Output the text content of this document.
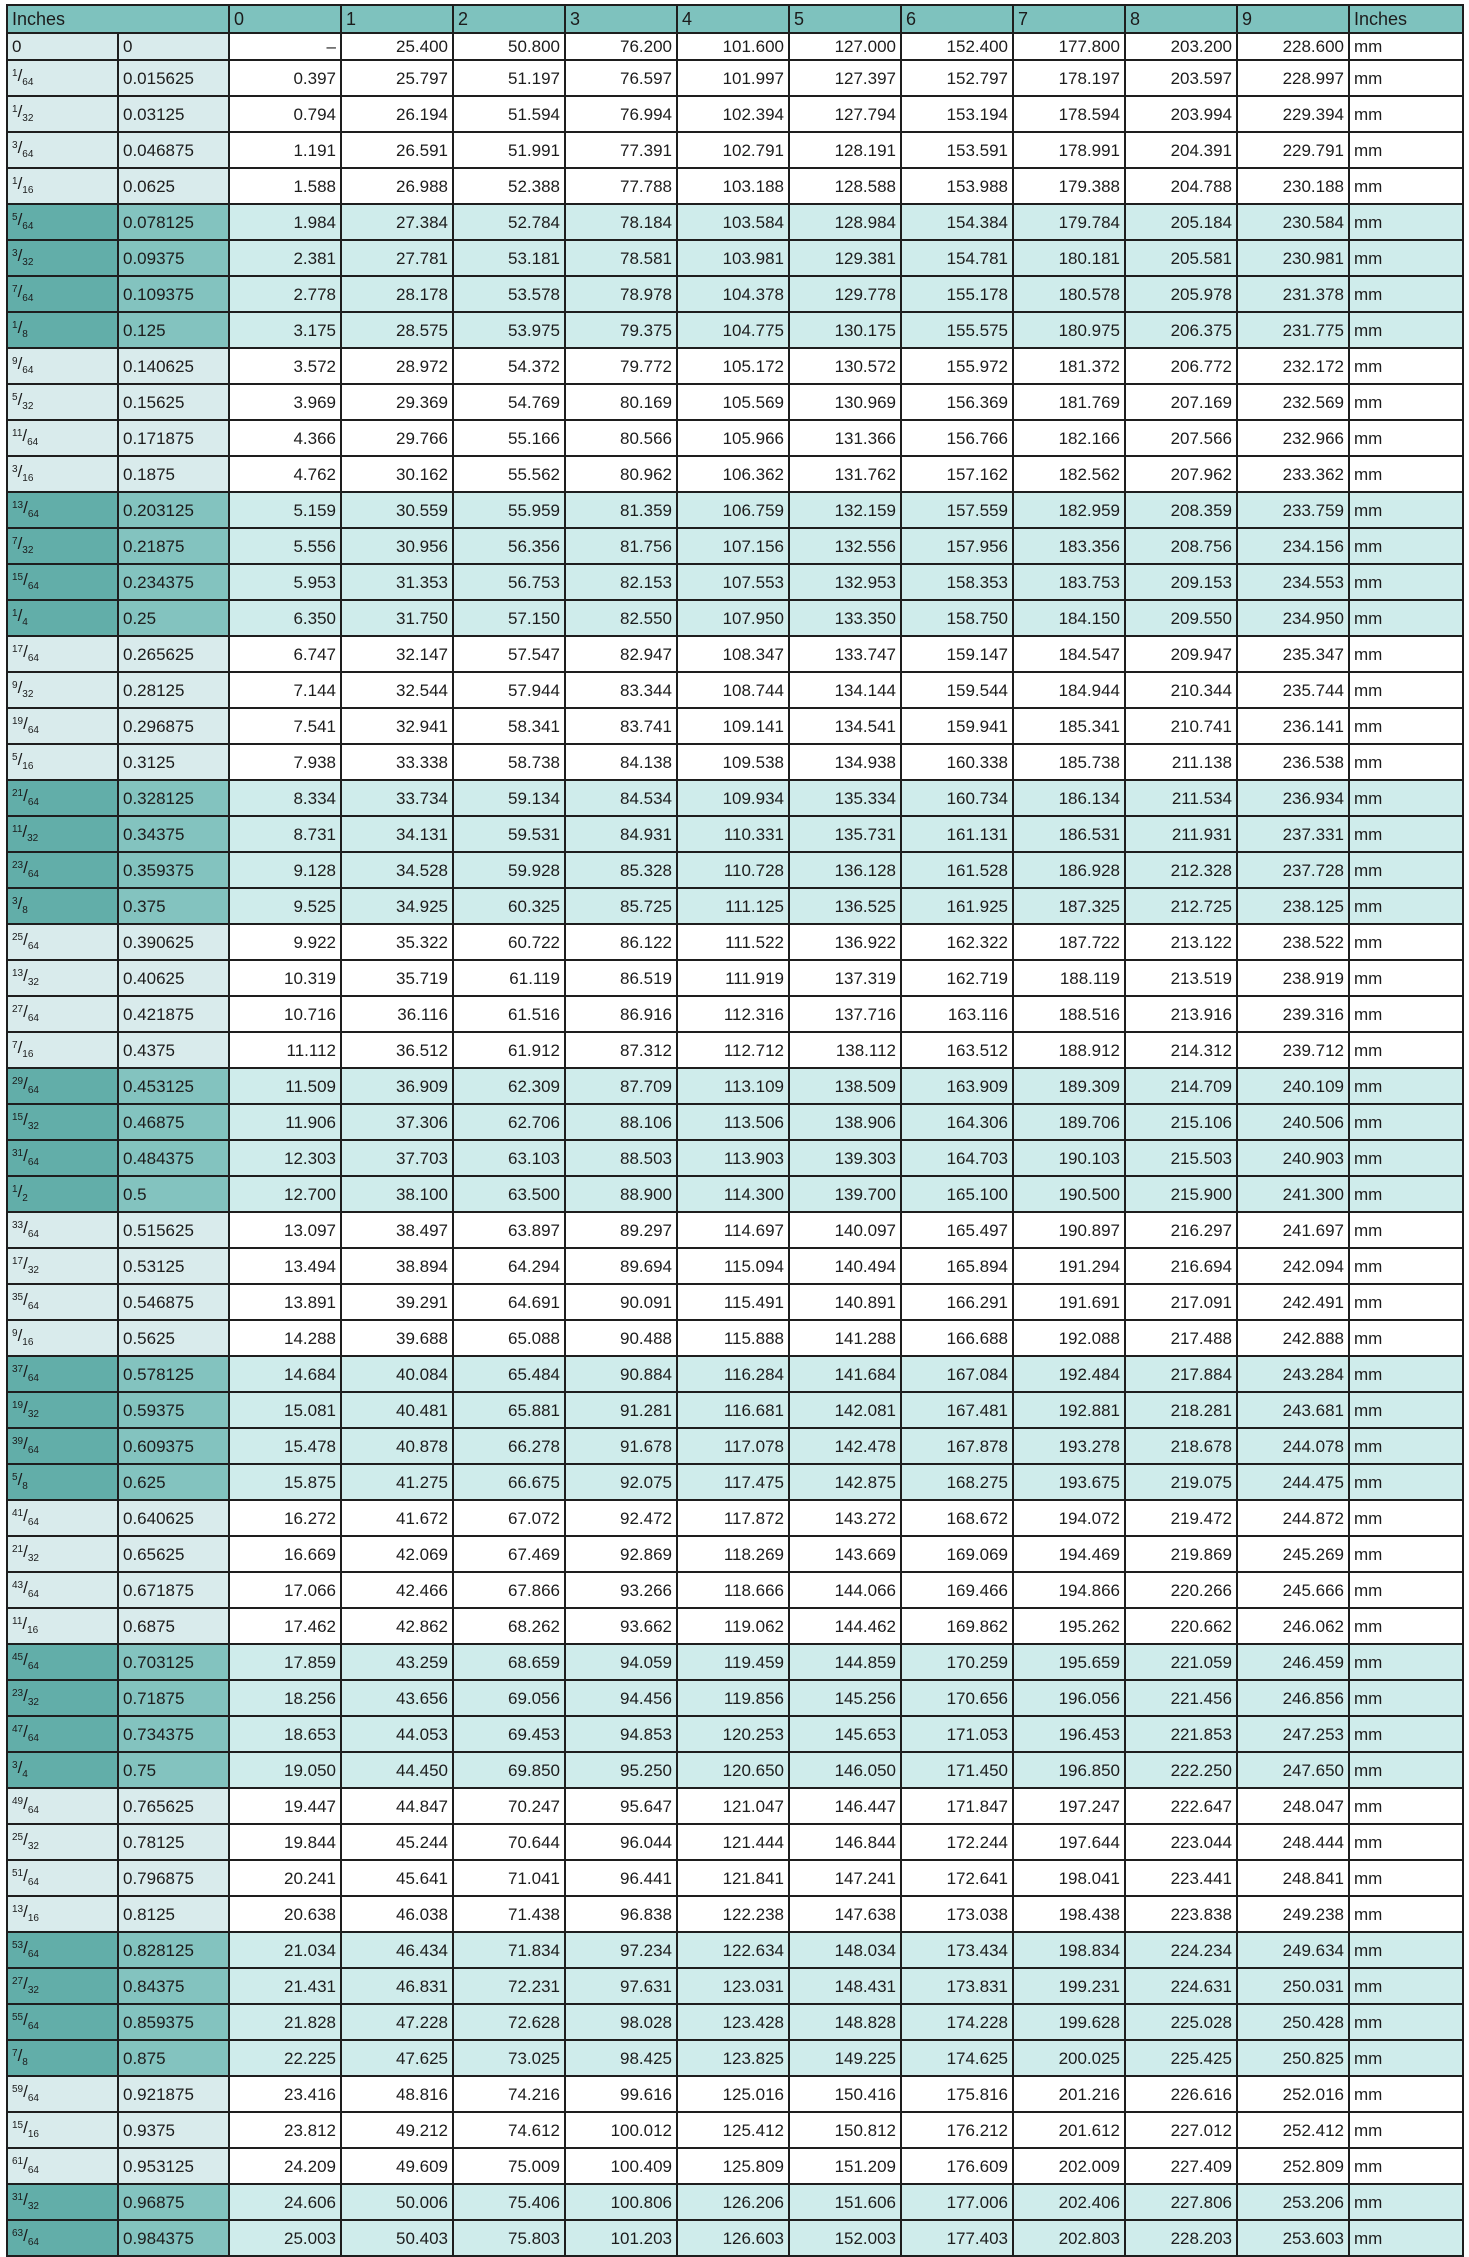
Inches		0	1	2	3	4	5	6	7	8	9	Inches
0	0	–	25.400	50.800	76.200	101.600	127.000	152.400	177.800	203.200	228.600	mm
$^1/_{64}$	0.015625	0.397	25.797	51.197	76.597	101.997	127.397	152.797	178.197	203.597	228.997	mm
$^1/_{32}$	0.03125	0.794	26.194	51.594	76.994	102.394	127.794	153.194	178.594	203.994	229.394	mm
$^3/_{64}$	0.046875	1.191	26.591	51.991	77.391	102.791	128.191	153.591	178.991	204.391	229.791	mm
$^1/_{16}$	0.0625	1.588	26.988	52.388	77.788	103.188	128.588	153.988	179.388	204.788	230.188	mm
$^5/_{64}$	0.078125	1.984	27.384	52.784	78.184	103.584	128.984	154.384	179.784	205.184	230.584	mm
$^3/_{32}$	0.09375	2.381	27.781	53.181	78.581	103.981	129.381	154.781	180.181	205.581	230.981	mm
$^7/_{64}$	0.109375	2.778	28.178	53.578	78.978	104.378	129.778	155.178	180.578	205.978	231.378	mm
$^1/_8$	0.125	3.175	28.575	53.975	79.375	104.775	130.175	155.575	180.975	206.375	231.775	mm
$^9/_{64}$	0.140625	3.572	28.972	54.372	79.772	105.172	130.572	155.972	181.372	206.772	232.172	mm
$^5/_{32}$	0.15625	3.969	29.369	54.769	80.169	105.569	130.969	156.369	181.769	207.169	232.569	mm
$^{11}/_{64}$	0.171875	4.366	29.766	55.166	80.566	105.966	131.366	156.766	182.166	207.566	232.966	mm
$^3/_{16}$	0.1875	4.762	30.162	55.562	80.962	106.362	131.762	157.162	182.562	207.962	233.362	mm
$^{13}/_{64}$	0.203125	5.159	30.559	55.959	81.359	106.759	132.159	157.559	182.959	208.359	233.759	mm
$^7/_{32}$	0.21875	5.556	30.956	56.356	81.756	107.156	132.556	157.956	183.356	208.756	234.156	mm
$^{15}/_{64}$	0.234375	5.953	31.353	56.753	82.153	107.553	132.953	158.353	183.753	209.153	234.553	mm
$^1/_4$	0.25	6.350	31.750	57.150	82.550	107.950	133.350	158.750	184.150	209.550	234.950	mm
$^{17}/_{64}$	0.265625	6.747	32.147	57.547	82.947	108.347	133.747	159.147	184.547	209.947	235.347	mm
$^9/_{32}$	0.28125	7.144	32.544	57.944	83.344	108.744	134.144	159.544	184.944	210.344	235.744	mm
$^{19}/_{64}$	0.296875	7.541	32.941	58.341	83.741	109.141	134.541	159.941	185.341	210.741	236.141	mm
$^5/_{16}$	0.3125	7.938	33.338	58.738	84.138	109.538	134.938	160.338	185.738	211.138	236.538	mm
$^{21}/_{64}$	0.328125	8.334	33.734	59.134	84.534	109.934	135.334	160.734	186.134	211.534	236.934	mm
$^{11}/_{32}$	0.34375	8.731	34.131	59.531	84.931	110.331	135.731	161.131	186.531	211.931	237.331	mm
$^{23}/_{64}$	0.359375	9.128	34.528	59.928	85.328	110.728	136.128	161.528	186.928	212.328	237.728	mm
$^3/_8$	0.375	9.525	34.925	60.325	85.725	111.125	136.525	161.925	187.325	212.725	238.125	mm
$^{25}/_{64}$	0.390625	9.922	35.322	60.722	86.122	111.522	136.922	162.322	187.722	213.122	238.522	mm
$^{13}/_{32}$	0.40625	10.319	35.719	61.119	86.519	111.919	137.319	162.719	188.119	213.519	238.919	mm
$^{27}/_{64}$	0.421875	10.716	36.116	61.516	86.916	112.316	137.716	163.116	188.516	213.916	239.316	mm
$^7/_{16}$	0.4375	11.112	36.512	61.912	87.312	112.712	138.112	163.512	188.912	214.312	239.712	mm
$^{29}/_{64}$	0.453125	11.509	36.909	62.309	87.709	113.109	138.509	163.909	189.309	214.709	240.109	mm
$^{15}/_{32}$	0.46875	11.906	37.306	62.706	88.106	113.506	138.906	164.306	189.706	215.106	240.506	mm
$^{31}/_{64}$	0.484375	12.303	37.703	63.103	88.503	113.903	139.303	164.703	190.103	215.503	240.903	mm
$^1/_2$	0.5	12.700	38.100	63.500	88.900	114.300	139.700	165.100	190.500	215.900	241.300	mm
$^{33}/_{64}$	0.515625	13.097	38.497	63.897	89.297	114.697	140.097	165.497	190.897	216.297	241.697	mm
$^{17}/_{32}$	0.53125	13.494	38.894	64.294	89.694	115.094	140.494	165.894	191.294	216.694	242.094	mm
$^{35}/_{64}$	0.546875	13.891	39.291	64.691	90.091	115.491	140.891	166.291	191.691	217.091	242.491	mm
$^9/_{16}$	0.5625	14.288	39.688	65.088	90.488	115.888	141.288	166.688	192.088	217.488	242.888	mm
$^{37}/_{64}$	0.578125	14.684	40.084	65.484	90.884	116.284	141.684	167.084	192.484	217.884	243.284	mm
$^{19}/_{32}$	0.59375	15.081	40.481	65.881	91.281	116.681	142.081	167.481	192.881	218.281	243.681	mm
$^{39}/_{64}$	0.609375	15.478	40.878	66.278	91.678	117.078	142.478	167.878	193.278	218.678	244.078	mm
$^5/_8$	0.625	15.875	41.275	66.675	92.075	117.475	142.875	168.275	193.675	219.075	244.475	mm
$^{41}/_{64}$	0.640625	16.272	41.672	67.072	92.472	117.872	143.272	168.672	194.072	219.472	244.872	mm
$^{21}/_{32}$	0.65625	16.669	42.069	67.469	92.869	118.269	143.669	169.069	194.469	219.869	245.269	mm
$^{43}/_{64}$	0.671875	17.066	42.466	67.866	93.266	118.666	144.066	169.466	194.866	220.266	245.666	mm
$^{11}/_{16}$	0.6875	17.462	42.862	68.262	93.662	119.062	144.462	169.862	195.262	220.662	246.062	mm
$^{45}/_{64}$	0.703125	17.859	43.259	68.659	94.059	119.459	144.859	170.259	195.659	221.059	246.459	mm
$^{23}/_{32}$	0.71875	18.256	43.656	69.056	94.456	119.856	145.256	170.656	196.056	221.456	246.856	mm
$^{47}/_{64}$	0.734375	18.653	44.053	69.453	94.853	120.253	145.653	171.053	196.453	221.853	247.253	mm
$^3/_4$	0.75	19.050	44.450	69.850	95.250	120.650	146.050	171.450	196.850	222.250	247.650	mm
$^{49}/_{64}$	0.765625	19.447	44.847	70.247	95.647	121.047	146.447	171.847	197.247	222.647	248.047	mm
$^{25}/_{32}$	0.78125	19.844	45.244	70.644	96.044	121.444	146.844	172.244	197.644	223.044	248.444	mm
$^{51}/_{64}$	0.796875	20.241	45.641	71.041	96.441	121.841	147.241	172.641	198.041	223.441	248.841	mm
$^{13}/_{16}$	0.8125	20.638	46.038	71.438	96.838	122.238	147.638	173.038	198.438	223.838	249.238	mm
$^{53}/_{64}$	0.828125	21.034	46.434	71.834	97.234	122.634	148.034	173.434	198.834	224.234	249.634	mm
$^{27}/_{32}$	0.84375	21.431	46.831	72.231	97.631	123.031	148.431	173.831	199.231	224.631	250.031	mm
$^{55}/_{64}$	0.859375	21.828	47.228	72.628	98.028	123.428	148.828	174.228	199.628	225.028	250.428	mm
$^7/_8$	0.875	22.225	47.625	73.025	98.425	123.825	149.225	174.625	200.025	225.425	250.825	mm
$^{59}/_{64}$	0.921875	23.416	48.816	74.216	99.616	125.016	150.416	175.816	201.216	226.616	252.016	mm
$^{15}/_{16}$	0.9375	23.812	49.212	74.612	100.012	125.412	150.812	176.212	201.612	227.012	252.412	mm
$^{61}/_{64}$	0.953125	24.209	49.609	75.009	100.409	125.809	151.209	176.609	202.009	227.409	252.809	mm
$^{31}/_{32}$	0.96875	24.606	50.006	75.406	100.806	126.206	151.606	177.006	202.406	227.806	253.206	mm
$^{63}/_{64}$	0.984375	25.003	50.403	75.803	101.203	126.603	152.003	177.403	202.803	228.203	253.603	mm
